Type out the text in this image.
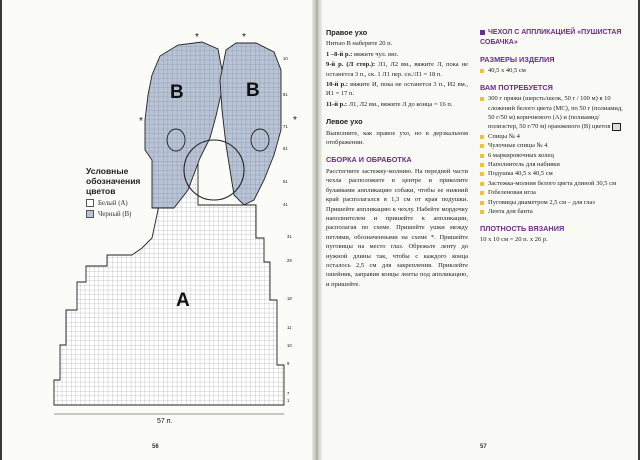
B	B
A
57 п.
*	*
*	*
1
7
9
10
11
18
29
31
41
51
61
71
81
10
Условные обозначения цветов
Белый (А)
Черный (В)
56
Правое ухо

Нитью В наберите 20 п.

1 –8-й р.: вяжите чул. вяз.

9-й р. (Л стор.): Л1, Л2 вм., вяжите Л, пока не останется 3 п., ск. 1 Л1 пер. сн./Л1 = 18 п.

10-й р.: вяжите И, пока не останется 3 п., И2 вм., И1 = 17 п.

11-й р.: Л1, Л2 вм., вяжите Л до конца = 16 п.

Левое ухо

Выполните, как правое ухо, но в дерзкальном отображении.

СБОРКА И ОБРАБОТКА

Расстегните застежку-молнию. На передней части чехла расположите в центре и приколите булавками аппликацию собаки, чтобы ее нижний край располагался в 1,3 см от края подушки. Пришейте аппликацию к чехлу. Набейте мордочку наполнителем и пришейте к аппликации, располагая по схеме. Пришейте ушки между петлями, обозначенными на схеме *. Пришейте пуговицы на место глаз. Обрежьте ленту до нужной длины так, чтобы с каждого конца осталось 2,5 см для закрепления. Приклейте ошейник, заправив концы ленты под аппликацию, и пришейте.

ЧЕХОЛ С АППЛИКАЦИЕЙ «ПУШИСТАЯ СОБАЧКА»
РАЗМЕРЫ ИЗДЕЛИЯ
40,5 х 40,5 см
ВАМ ПОТРЕБУЕТСЯ
300 г пряжи (шерсть/шелк, 50 г / 100 м) в 10 сложений белого цвета (МС), по 50 г (полиамид, 50 г/50 м) коричневого (А) и (полиамид/полиэстер, 50 г/70 м) оранжевого (В) цветов
Спицы № 4
Чулочные спицы № 4
6 маркировочных колец
Наполнитель для набивки
Подушка 40,5 х 40,5 см
Застежка-молния белого цвета длиной 30,5 см
Гобеленовая игла
Пуговицы диаметром 2,5 см – для глаз
Лента для банта
ПЛОТНОСТЬ ВЯЗАНИЯ

10 х 10 см = 20 п. х 26 р.

57
